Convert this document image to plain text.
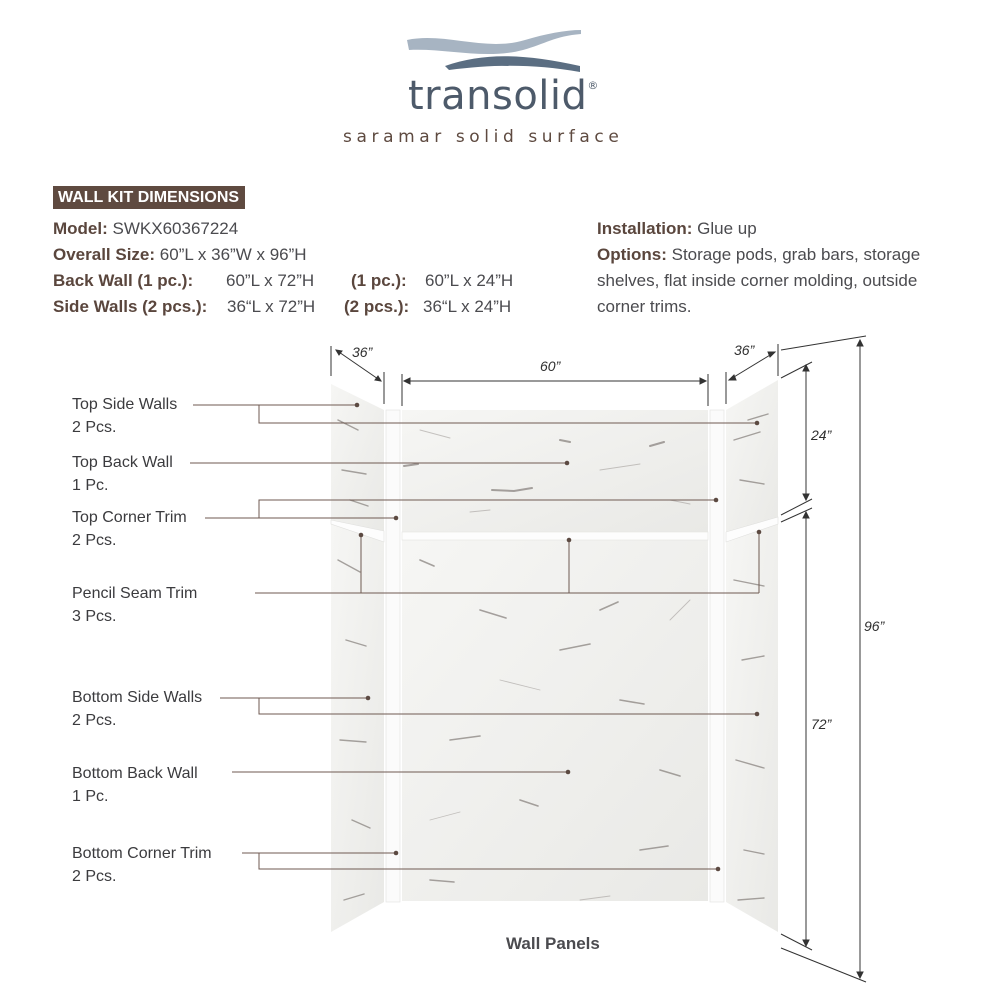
transolid®
saramar solid surface
WALL KIT DIMENSIONS
Model: SWKX60367224
Overall Size: 60”L x 36”W x 96”H
Back Wall (1 pc.): 60”L x 72”H (1 pc.): 60”L x 24”H
Side Walls (2 pcs.): 36“L x 72”H (2 pcs.): 36“L x 24”H
Installation: Glue up
Options: Storage pods, grab bars, storage
shelves, flat inside corner molding, outside
corner trims.
36”
60”
36”
24”
96”
72”
Top Side Walls
2 Pcs.
Top Back Wall
1 Pc.
Top Corner Trim
2 Pcs.
Pencil Seam Trim
3 Pcs.
Bottom Side Walls
2 Pcs.
Bottom Back Wall
1 Pc.
Bottom Corner Trim
2 Pcs.
Wall Panels
